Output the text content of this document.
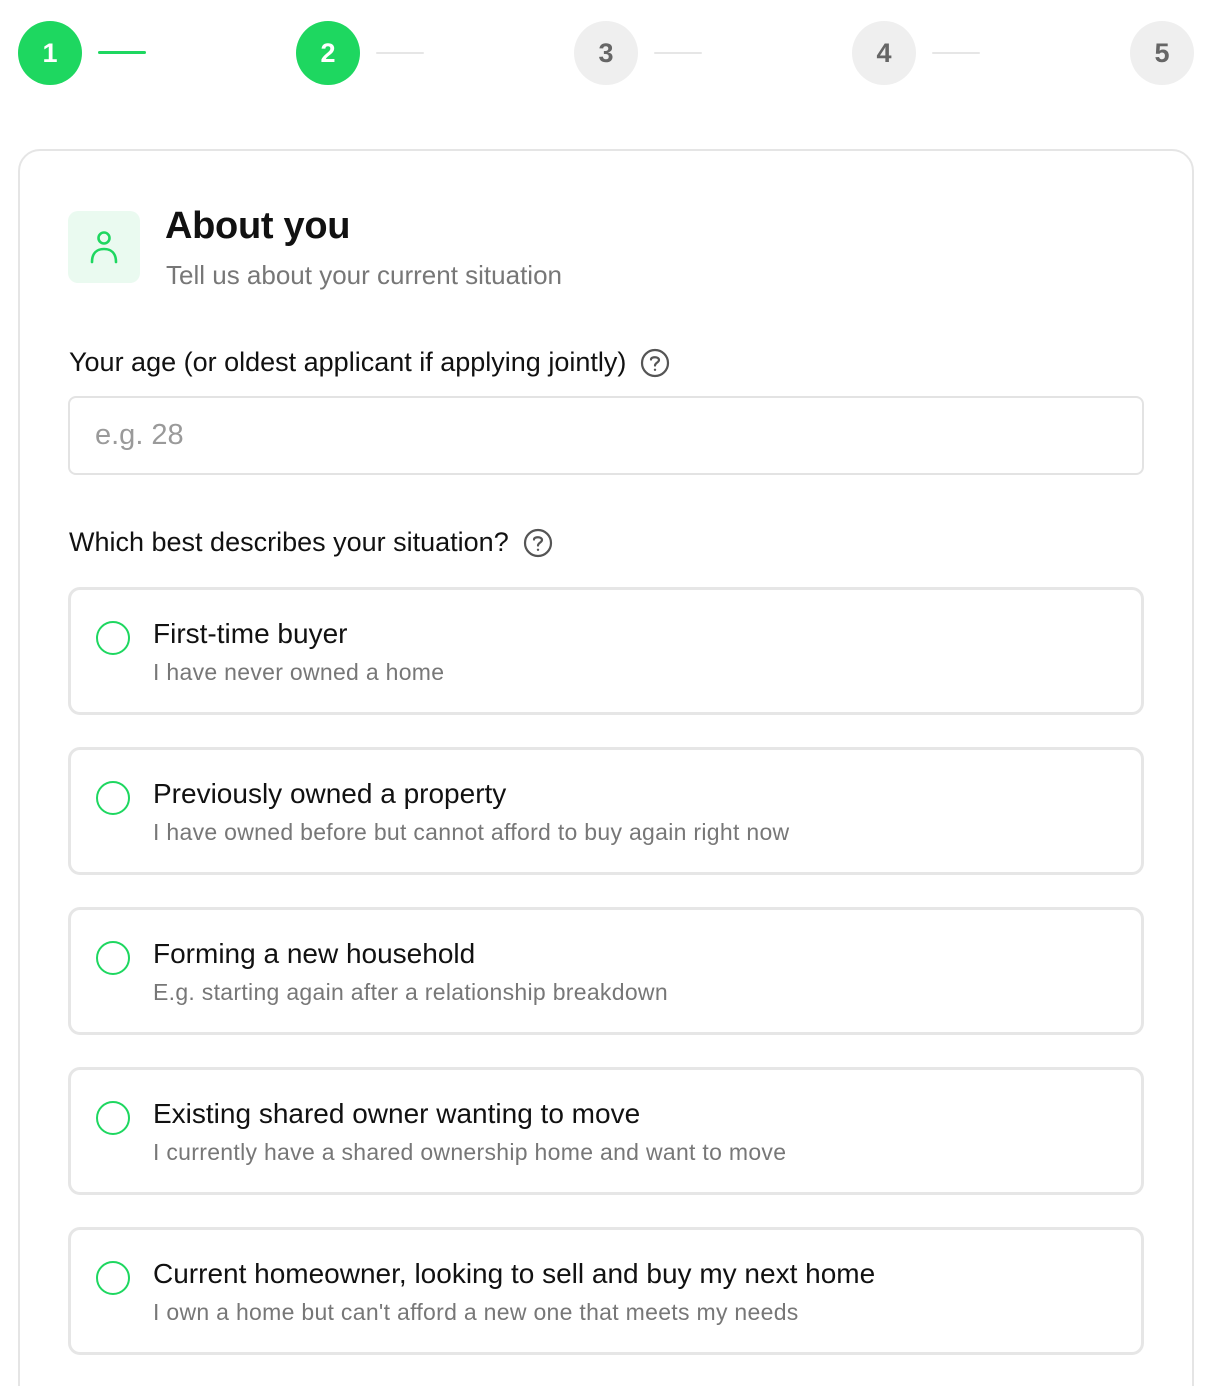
1	2	3	4	5
About you
Tell us about your current situation
Your age (or oldest applicant if applying jointly)
e.g. 28
Which best describes your situation?
First-time buyer
I have never owned a home
Previously owned a property
I have owned before but cannot afford to buy again right now
Forming a new household
E.g. starting again after a relationship breakdown
Existing shared owner wanting to move
I currently have a shared ownership home and want to move
Current homeowner, looking to sell and buy my next home
I own a home but can't afford a new one that meets my needs
